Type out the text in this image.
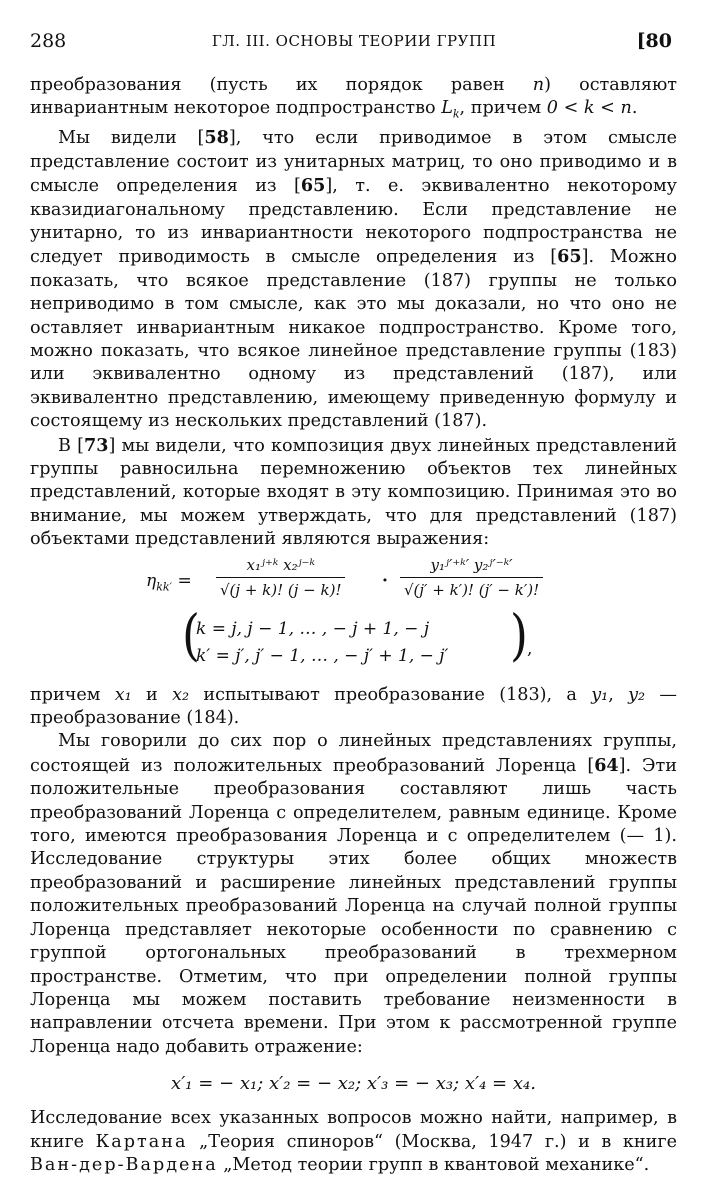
288	ГЛ. III. ОСНОВЫ ТЕОРИИ ГРУПП	[80

преобразования (пусть их порядок равен n) оставляют инвариантным некоторое подпространство $L_k$, причем 0 < k < n.

Мы видели [58], что если приводимое в этом смысле представление состоит из унитарных матриц, то оно приводимо и в смысле определения из [65], т. е. эквивалентно некоторому квазидиагональному представлению. Если представление не унитарно, то из инвариантности некоторого подпространства не следует приводимость в смысле определения из [65]. Можно показать, что всякое представление (187) группы не только неприводимо в том смысле, как это мы доказали, но что оно не оставляет инвариантным никакое подпространство. Кроме того, можно показать, что всякое линейное представление группы (183) или эквивалентно одному из представлений (187), или эквивалентно представлению, имеющему приведенную формулу и состоящему из нескольких представлений (187).

В [73] мы видели, что композиция двух линейных представлений группы равносильна перемножению объектов тех линейных представлений, которые входят в эту композицию. Принимая это во внимание, мы можем утверждать, что для представлений (187) объектами представлений являются выражения:

$\eta_{kk'} = \frac{\text{x₁ʲ⁺ᵏ x₂ʲ⁻ᵏ}}{√(j + k)! (j - k)!} \cdot \frac{\text{y₁ʲ′⁺ᵏ′ y₂ʲ′⁻ᵏ′}}{√(j' + k')! (j' - k')!}$
(
k = j, j − 1, … , − j + 1, − j
k′ = j′, j′ − 1, … , − j′ + 1, − j′ ) ,

причем x₁ и x₂ испытывают преобразование (183), а y₁, y₂ — преобразование (184).

Мы говорили до сих пор о линейных представлениях группы, состоящей из положительных преобразований Лоренца [64]. Эти положительные преобразования составляют лишь часть преобразований Лоренца с определителем, равным единице. Кроме того, имеются преобразования Лоренца и с определителем (— 1). Исследование структуры этих более общих множеств преобразований и расширение линейных представлений группы положительных преобразований Лоренца на случай полной группы Лоренца представляет некоторые особенности по сравнению с группой ортогональных преобразований в трехмерном пространстве. Отметим, что при определении полной группы Лоренца мы можем поставить требование неизменности в направлении отсчета времени. При этом к рассмотренной группе Лоренца надо добавить отражение:

x′₁ = − x₁; x′₂ = − x₂; x′₃ = − x₃; x′₄ = x₄.

Исследование всех указанных вопросов можно найти, например, в книге Картана „Теория спиноров“ (Москва, 1947 г.) и в книге Ван-дер-Вардена „Метод теории групп в квантовой механике“.
